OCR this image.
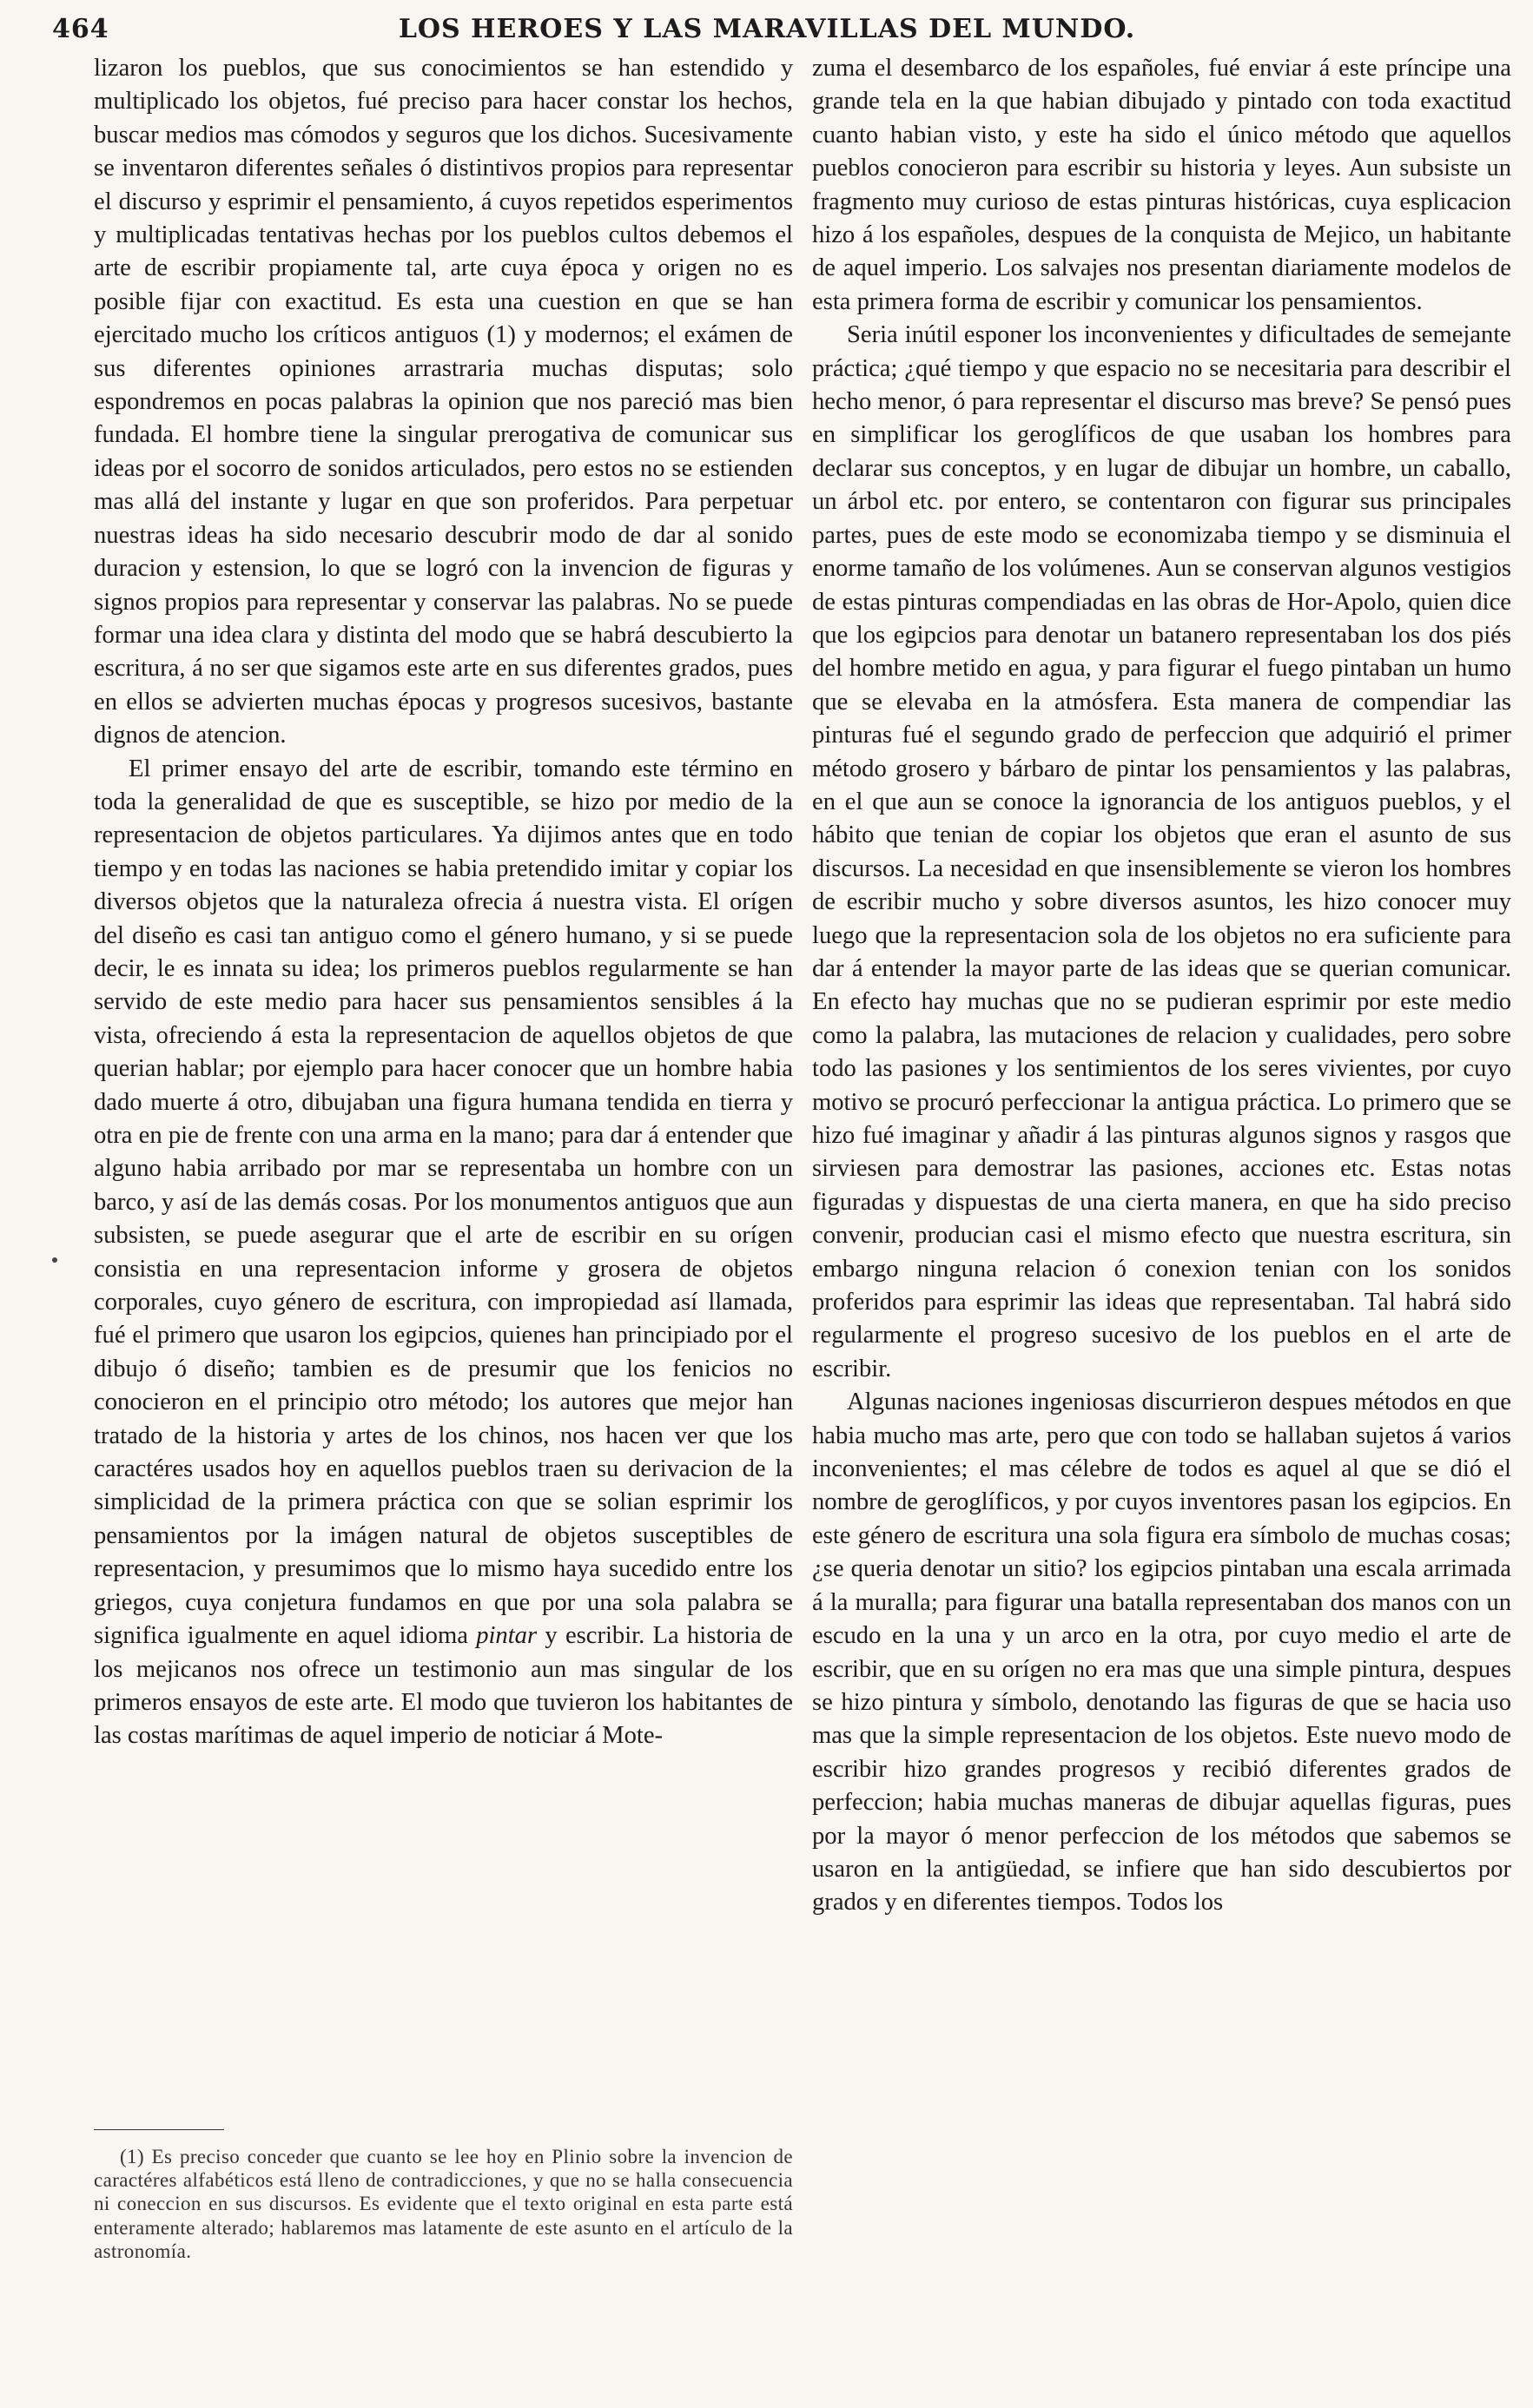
464	LOS HEROES Y LAS MARAVILLAS DEL MUNDO.

lizaron los pueblos, que sus conocimientos se han estendido y multiplicado los objetos, fué preciso para hacer constar los hechos, buscar medios mas cómodos y seguros que los dichos. Sucesivamente se inventaron diferentes señales ó distintivos propios para representar el discurso y esprimir el pensamiento, á cuyos repetidos esperimentos y multiplicadas tentativas hechas por los pueblos cultos debemos el arte de escribir propiamente tal, arte cuya época y origen no es posible fijar con exactitud. Es esta una cuestion en que se han ejercitado mucho los críticos antiguos (1) y modernos; el exámen de sus diferentes opiniones arrastraria muchas disputas; solo espondremos en pocas palabras la opinion que nos pareció mas bien fundada. El hombre tiene la singular prerogativa de comunicar sus ideas por el socorro de sonidos articulados, pero estos no se estienden mas allá del instante y lugar en que son proferidos. Para perpetuar nuestras ideas ha sido necesario descubrir modo de dar al sonido duracion y estension, lo que se logró con la invencion de figuras y signos propios para representar y conservar las palabras. No se puede formar una idea clara y distinta del modo que se habrá descubierto la escritura, á no ser que sigamos este arte en sus diferentes grados, pues en ellos se advierten muchas épocas y progresos sucesivos, bastante dignos de atencion.

El primer ensayo del arte de escribir, tomando este término en toda la generalidad de que es susceptible, se hizo por medio de la representacion de objetos particulares. Ya dijimos antes que en todo tiempo y en todas las naciones se habia pretendido imitar y copiar los diversos objetos que la naturaleza ofrecia á nuestra vista. El orígen del diseño es casi tan antiguo como el género humano, y si se puede decir, le es innata su idea; los primeros pueblos regularmente se han servido de este medio para hacer sus pensamientos sensibles á la vista, ofreciendo á esta la representacion de aquellos objetos de que querian hablar; por ejemplo para hacer conocer que un hombre habia dado muerte á otro, dibujaban una figura humana tendida en tierra y otra en pie de frente con una arma en la mano; para dar á entender que alguno habia arribado por mar se representaba un hombre con un barco, y así de las demás cosas. Por los monumentos antiguos que aun subsisten, se puede asegurar que el arte de escribir en su orígen consistia en una representacion informe y grosera de objetos corporales, cuyo género de escritura, con impropiedad así llamada, fué el primero que usaron los egipcios, quienes han principiado por el dibujo ó diseño; tambien es de presumir que los fenicios no conocieron en el principio otro método; los autores que mejor han tratado de la historia y artes de los chinos, nos hacen ver que los caractéres usados hoy en aquellos pueblos traen su derivacion de la simplicidad de la primera práctica con que se solian esprimir los pensamientos por la imágen natural de objetos susceptibles de representacion, y presumimos que lo mismo haya sucedido entre los griegos, cuya conjetura fundamos en que por una sola palabra se significa igualmente en aquel idioma pintar y escribir. La historia de los mejicanos nos ofrece un testimonio aun mas singular de los primeros ensayos de este arte. El modo que tuvieron los habitantes de las costas marítimas de aquel imperio de noticiar á Mote-

(1) Es preciso conceder que cuanto se lee hoy en Plinio sobre la invencion de caractéres alfabéticos está lleno de contradicciones, y que no se halla consecuencia ni coneccion en sus discursos. Es evidente que el texto original en esta parte está enteramente alterado; hablaremos mas latamente de este asunto en el artículo de la astronomía.

zuma el desembarco de los españoles, fué enviar á este príncipe una grande tela en la que habian dibujado y pintado con toda exactitud cuanto habian visto, y este ha sido el único método que aquellos pueblos conocieron para escribir su historia y leyes. Aun subsiste un fragmento muy curioso de estas pinturas históricas, cuya esplicacion hizo á los españoles, despues de la conquista de Mejico, un habitante de aquel imperio. Los salvajes nos presentan diariamente modelos de esta primera forma de escribir y comunicar los pensamientos.

Seria inútil esponer los inconvenientes y dificultades de semejante práctica; ¿qué tiempo y que espacio no se necesitaria para describir el hecho menor, ó para representar el discurso mas breve? Se pensó pues en simplificar los geroglíficos de que usaban los hombres para declarar sus conceptos, y en lugar de dibujar un hombre, un caballo, un árbol etc. por entero, se contentaron con figurar sus principales partes, pues de este modo se economizaba tiempo y se disminuia el enorme tamaño de los volúmenes. Aun se conservan algunos vestigios de estas pinturas compendiadas en las obras de Hor-Apolo, quien dice que los egipcios para denotar un batanero representaban los dos piés del hombre metido en agua, y para figurar el fuego pintaban un humo que se elevaba en la atmósfera. Esta manera de compendiar las pinturas fué el segundo grado de perfeccion que adquirió el primer método grosero y bárbaro de pintar los pensamientos y las palabras, en el que aun se conoce la ignorancia de los antiguos pueblos, y el hábito que tenian de copiar los objetos que eran el asunto de sus discursos. La necesidad en que insensiblemente se vieron los hombres de escribir mucho y sobre diversos asuntos, les hizo conocer muy luego que la representacion sola de los objetos no era suficiente para dar á entender la mayor parte de las ideas que se querian comunicar. En efecto hay muchas que no se pudieran esprimir por este medio como la palabra, las mutaciones de relacion y cualidades, pero sobre todo las pasiones y los sentimientos de los seres vivientes, por cuyo motivo se procuró perfeccionar la antigua práctica. Lo primero que se hizo fué imaginar y añadir á las pinturas algunos signos y rasgos que sirviesen para demostrar las pasiones, acciones etc. Estas notas figuradas y dispuestas de una cierta manera, en que ha sido preciso convenir, producian casi el mismo efecto que nuestra escritura, sin embargo ninguna relacion ó conexion tenian con los sonidos proferidos para esprimir las ideas que representaban. Tal habrá sido regularmente el progreso sucesivo de los pueblos en el arte de escribir.

Algunas naciones ingeniosas discurrieron despues métodos en que habia mucho mas arte, pero que con todo se hallaban sujetos á varios inconvenientes; el mas célebre de todos es aquel al que se dió el nombre de geroglíficos, y por cuyos inventores pasan los egipcios. En este género de escritura una sola figura era símbolo de muchas cosas; ¿se queria denotar un sitio? los egipcios pintaban una escala arrimada á la muralla; para figurar una batalla representaban dos manos con un escudo en la una y un arco en la otra, por cuyo medio el arte de escribir, que en su orígen no era mas que una simple pintura, despues se hizo pintura y símbolo, denotando las figuras de que se hacia uso mas que la simple representacion de los objetos. Este nuevo modo de escribir hizo grandes progresos y recibió diferentes grados de perfeccion; habia muchas maneras de dibujar aquellas figuras, pues por la mayor ó menor perfeccion de los métodos que sabemos se usaron en la antigüedad, se infiere que han sido descubiertos por grados y en diferentes tiempos. Todos los
